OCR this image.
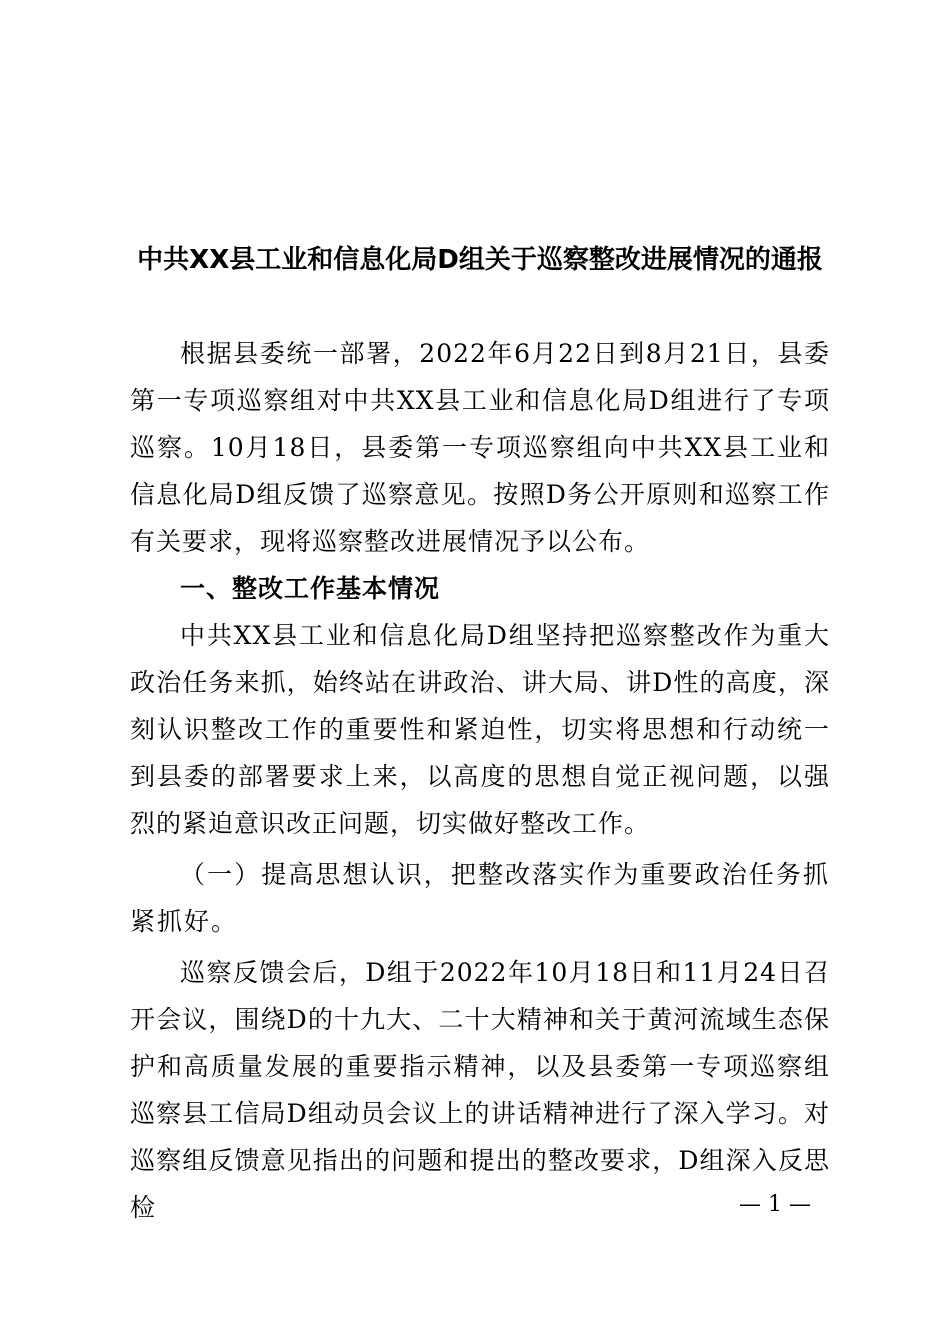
中共XX县工业和信息化局D组关于巡察整改进展情况的通报

根据县委统一部署，2022年6月22日到8月21日，县委第一专项巡察组对中共XX县工业和信息化局D组进行了专项巡察。10月18日，县委第一专项巡察组向中共XX县工业和信息化局D组反馈了巡察意见。按照D务公开原则和巡察工作有关要求，现将巡察整改进展情况予以公布。

一、整改工作基本情况

中共XX县工业和信息化局D组坚持把巡察整改作为重大政治任务来抓，始终站在讲政治、讲大局、讲D性的高度，深刻认识整改工作的重要性和紧迫性，切实将思想和行动统一到县委的部署要求上来，以高度的思想自觉正视问题，以强烈的紧迫意识改正问题，切实做好整改工作。

（一）提高思想认识，把整改落实作为重要政治任务抓紧抓好。

巡察反馈会后，D组于2022年10月18日和11月24日召开会议，围绕D的十九大、二十大精神和关于黄河流域生态保护和高质量发展的重要指示精神，以及县委第一专项巡察组巡察县工信局D组动员会议上的讲话精神进行了深入学习。对巡察组反馈意见指出的问题和提出的整改要求，D组深入反思检	— 1 —
